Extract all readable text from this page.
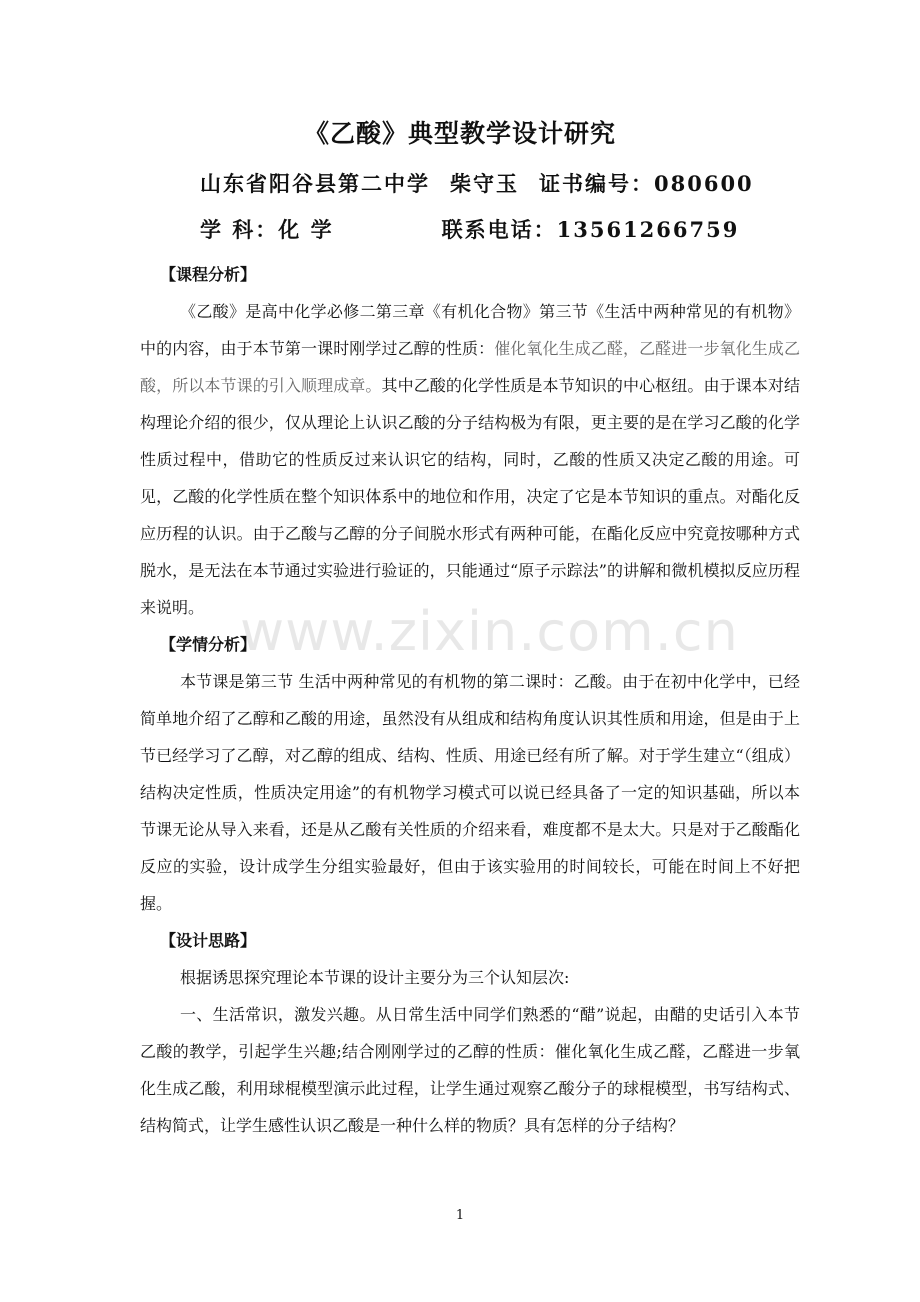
《乙酸》典型教学设计研究
山东省阳谷县第二中学 柴守玉 证书编号：080600
学 科：化 学	联系电话：13561266759

【课程分析】

《乙酸》是高中化学必修二第三章《有机化合物》第三节《生活中两种常见的有机物》中的内容，由于本节第一课时刚学过乙醇的性质：催化氧化生成乙醛，乙醛进一步氧化生成乙酸，所以本节课的引入顺理成章。其中乙酸的化学性质是本节知识的中心枢纽。由于课本对结构理论介绍的很少，仅从理论上认识乙酸的分子结构极为有限，更主要的是在学习乙酸的化学性质过程中，借助它的性质反过来认识它的结构，同时，乙酸的性质又决定乙酸的用途。可见，乙酸的化学性质在整个知识体系中的地位和作用，决定了它是本节知识的重点。对酯化反应历程的认识。由于乙酸与乙醇的分子间脱水形式有两种可能，在酯化反应中究竟按哪种方式脱水，是无法在本节通过实验进行验证的，只能通过“原子示踪法”的讲解和微机模拟反应历程来说明。

【学情分析】

本节课是第三节 生活中两种常见的有机物的第二课时：乙酸。由于在初中化学中，已经简单地介绍了乙醇和乙酸的用途，虽然没有从组成和结构角度认识其性质和用途，但是由于上节已经学习了乙醇，对乙醇的组成、结构、性质、用途已经有所了解。对于学生建立“（组成）结构决定性质，性质决定用途”的有机物学习模式可以说已经具备了一定的知识基础，所以本节课无论从导入来看，还是从乙酸有关性质的介绍来看，难度都不是太大。只是对于乙酸酯化反应的实验，设计成学生分组实验最好，但由于该实验用的时间较长，可能在时间上不好把握。

【设计思路】

根据诱思探究理论本节课的设计主要分为三个认知层次:

一、生活常识，激发兴趣。从日常生活中同学们熟悉的“醋”说起，由醋的史话引入本节乙酸的教学，引起学生兴趣;结合刚刚学过的乙醇的性质：催化氧化生成乙醛，乙醛进一步氧化生成乙酸，利用球棍模型演示此过程，让学生通过观察乙酸分子的球棍模型，书写结构式、结构简式，让学生感性认识乙酸是一种什么样的物质？具有怎样的分子结构？

www.zixin.com.cn
1
